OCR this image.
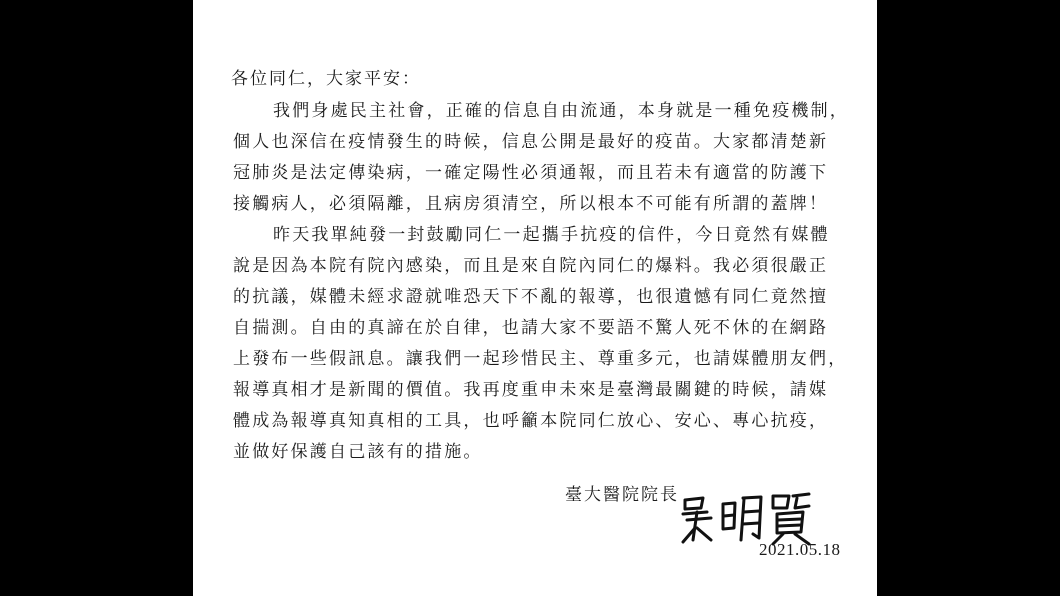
各位同仁，大家平安：

我們身處民主社會，正確的信息自由流通，本身就是一種免疫機制，

個人也深信在疫情發生的時候，信息公開是最好的疫苗。大家都清楚新

冠肺炎是法定傳染病，一確定陽性必須通報，而且若未有適當的防護下

接觸病人，必須隔離，且病房須清空，所以根本不可能有所謂的蓋牌！

昨天我單純發一封鼓勵同仁一起攜手抗疫的信件，今日竟然有媒體

說是因為本院有院內感染，而且是來自院內同仁的爆料。我必須很嚴正

的抗議，媒體未經求證就唯恐天下不亂的報導，也很遺憾有同仁竟然擅

自揣測。自由的真諦在於自律，也請大家不要語不驚人死不休的在網路

上發布一些假訊息。讓我們一起珍惜民主、尊重多元，也請媒體朋友們，

報導真相才是新聞的價值。我再度重申未來是臺灣最關鍵的時候，請媒

體成為報導真知真相的工具，也呼籲本院同仁放心、安心、專心抗疫，

並做好保護自己該有的措施。

臺大醫院院長

2021.05.18
